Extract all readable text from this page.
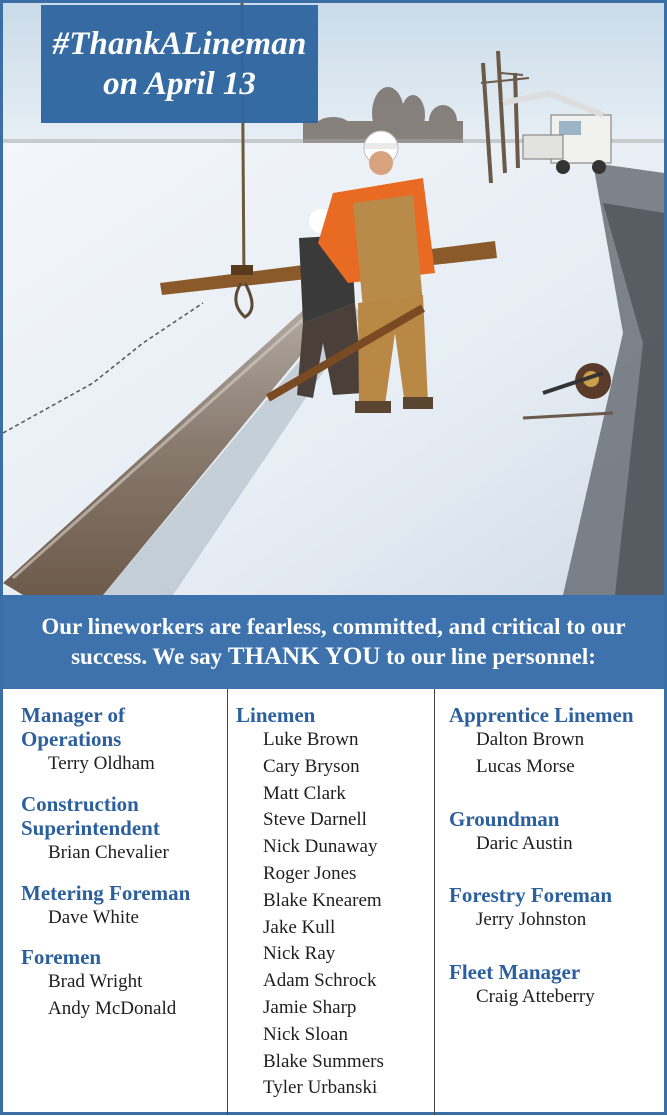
#ThankALineman
on April 13
Our lineworkers are fearless, committed, and critical to our
success. We say THANK YOU to our line personnel:
Manager of
Operations
Terry Oldham
Construction
Superintendent
Brian Chevalier
Metering Foreman
Dave White
Foremen
Brad Wright
Andy McDonald
Linemen
Luke Brown
Cary Bryson
Matt Clark
Steve Darnell
Nick Dunaway
Roger Jones
Blake Knearem
Jake Kull
Nick Ray
Adam Schrock
Jamie Sharp
Nick Sloan
Blake Summers
Tyler Urbanski
Apprentice Linemen
Dalton Brown
Lucas Morse
Groundman
Daric Austin
Forestry Foreman
Jerry Johnston
Fleet Manager
Craig Atteberry
